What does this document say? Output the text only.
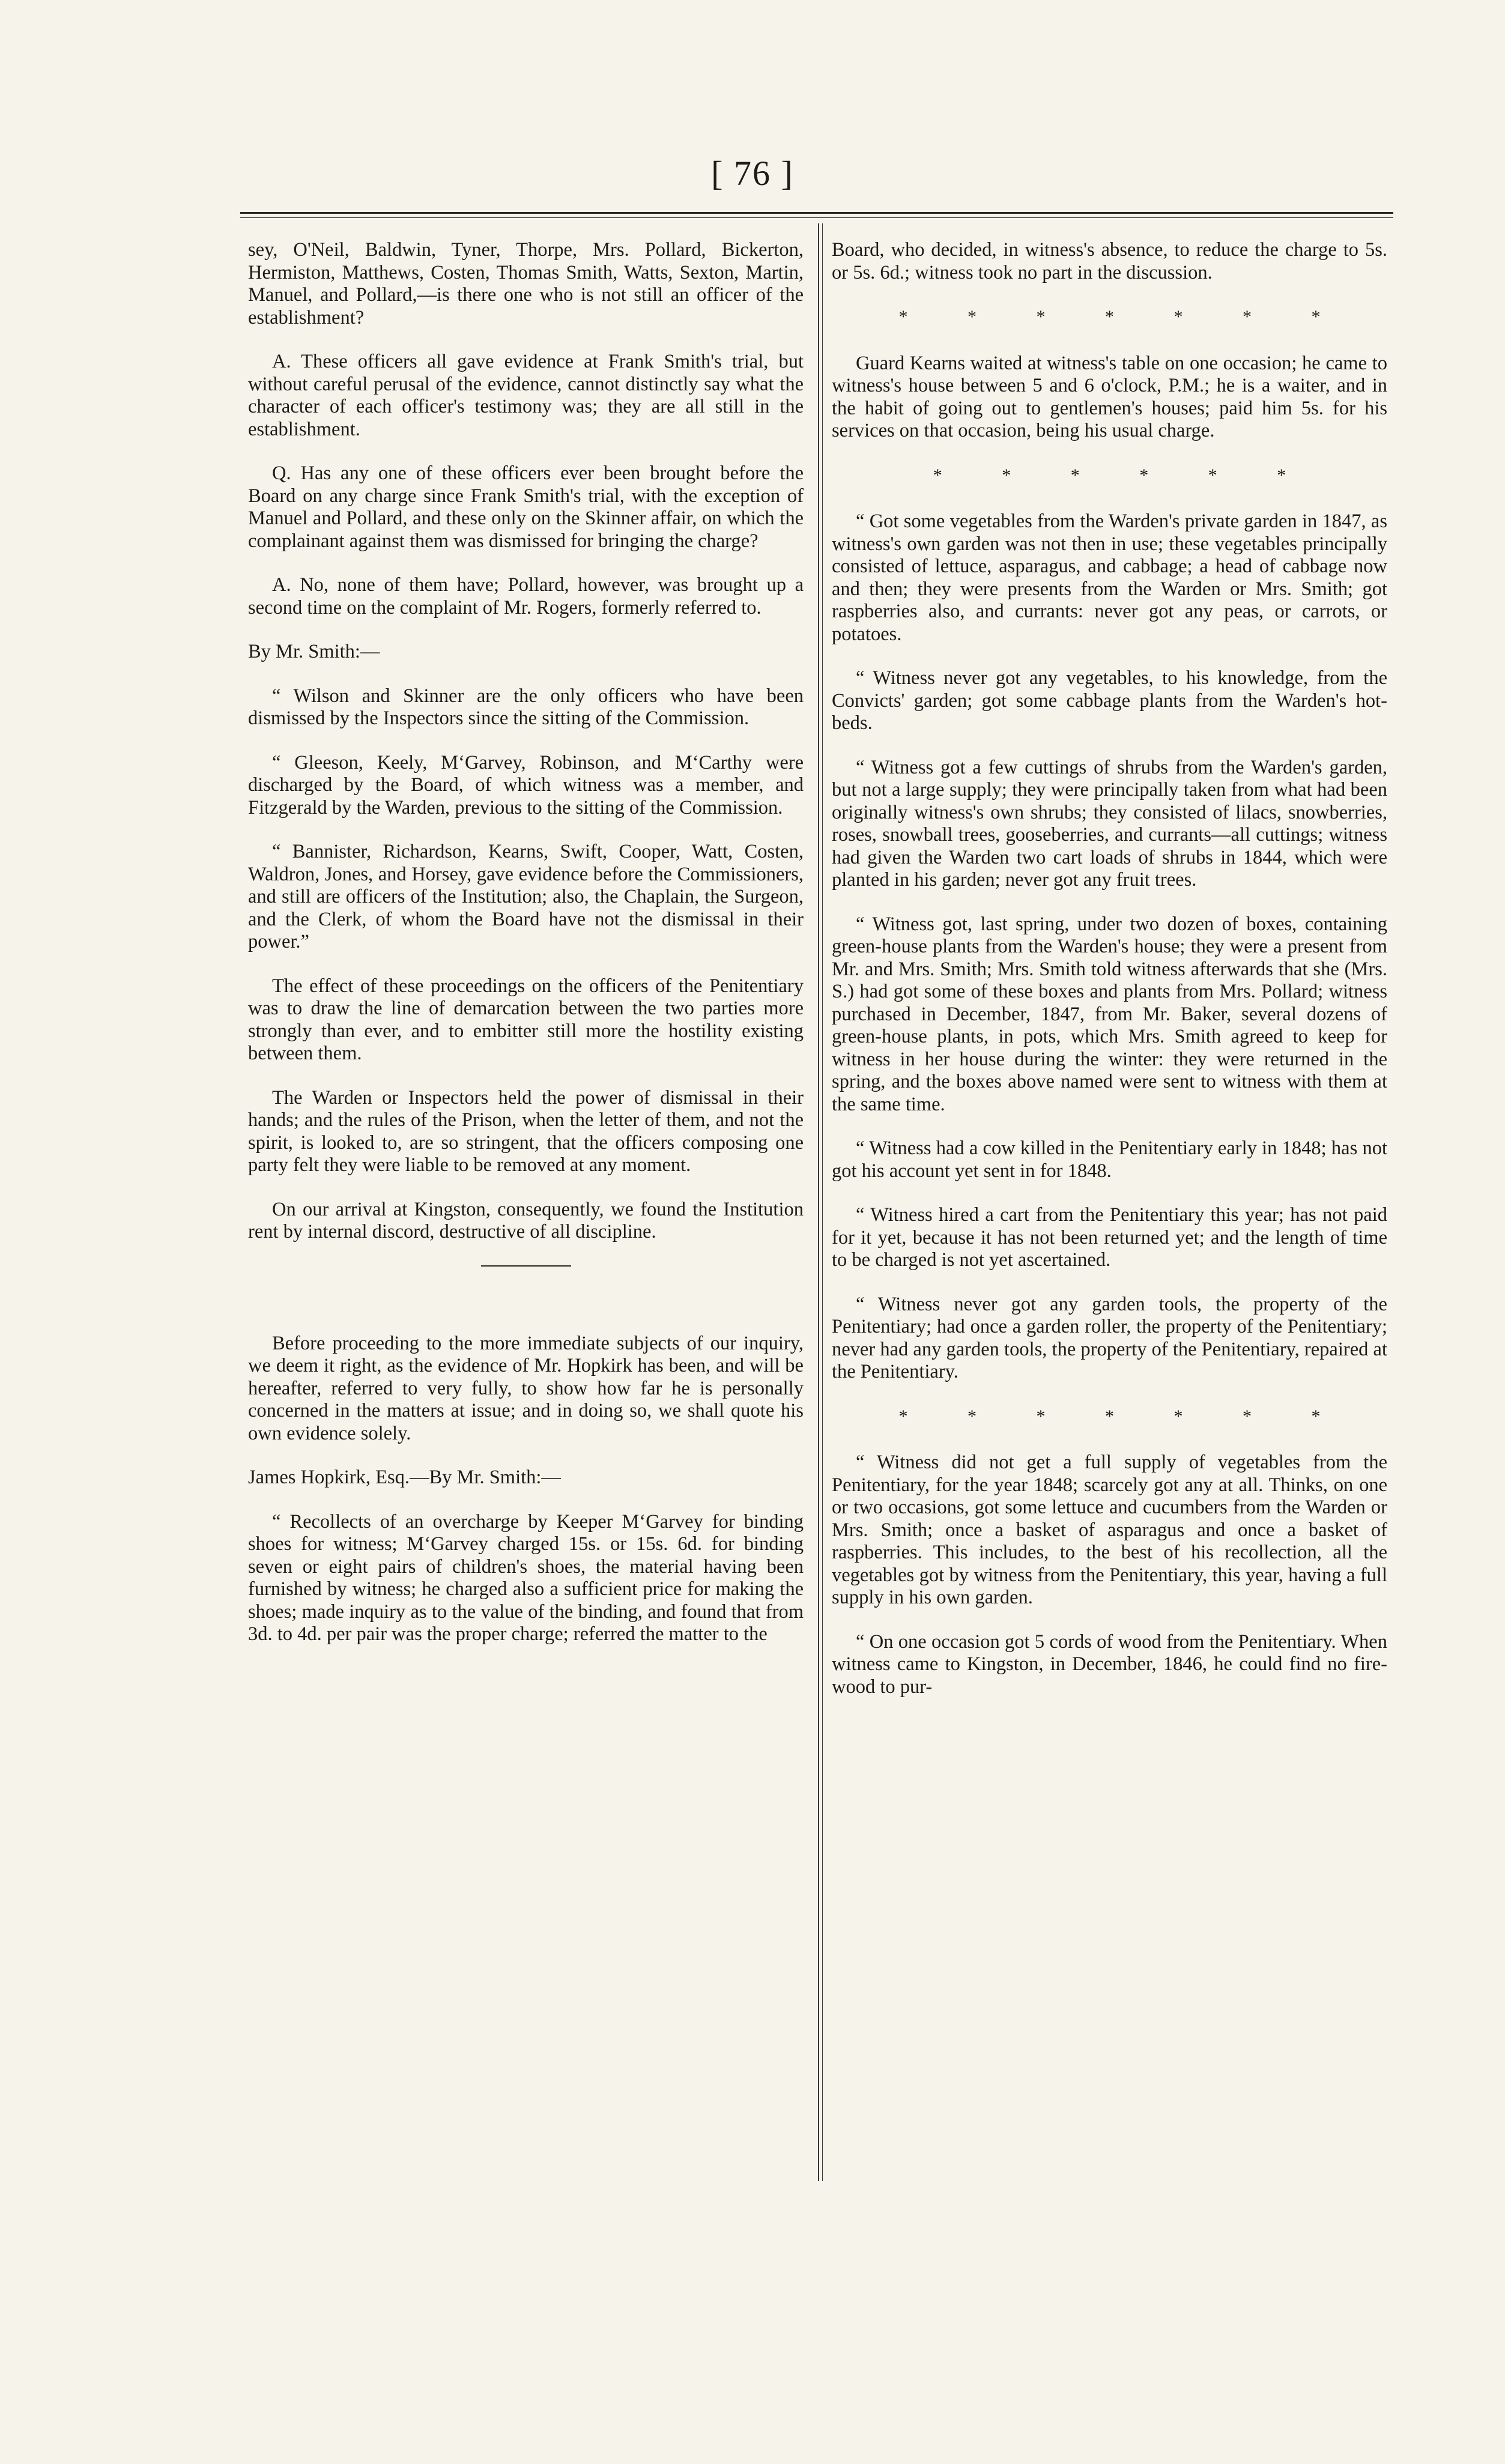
[ 76 ]

sey, O'Neil, Baldwin, Tyner, Thorpe, Mrs. Pollard, Bickerton, Hermiston, Matthews, Costen, Thomas Smith, Watts, Sexton, Martin, Manuel, and Pollard,—is there one who is not still an officer of the establishment?

A. These officers all gave evidence at Frank Smith's trial, but without careful perusal of the evidence, cannot distinctly say what the character of each officer's testimony was; they are all still in the establishment.

Q. Has any one of these officers ever been brought before the Board on any charge since Frank Smith's trial, with the exception of Manuel and Pollard, and these only on the Skinner affair, on which the complainant against them was dismissed for bringing the charge?

A. No, none of them have; Pollard, however, was brought up a second time on the complaint of Mr. Rogers, formerly referred to.

By Mr. Smith:—

“ Wilson and Skinner are the only officers who have been dismissed by the Inspectors since the sitting of the Commission.

“ Gleeson, Keely, M‘Garvey, Robinson, and M‘Carthy were discharged by the Board, of which witness was a member, and Fitzgerald by the Warden, previous to the sitting of the Commission.

“ Bannister, Richardson, Kearns, Swift, Cooper, Watt, Costen, Waldron, Jones, and Horsey, gave evidence before the Commissioners, and still are officers of the Institution; also, the Chaplain, the Surgeon, and the Clerk, of whom the Board have not the dismissal in their power.”

The effect of these proceedings on the officers of the Penitentiary was to draw the line of demarcation between the two parties more strongly than ever, and to embitter still more the hostility existing between them.

The Warden or Inspectors held the power of dismissal in their hands; and the rules of the Prison, when the letter of them, and not the spirit, is looked to, are so stringent, that the officers composing one party felt they were liable to be removed at any moment.

On our arrival at Kingston, consequently, we found the Institution rent by internal discord, destructive of all discipline.

Before proceeding to the more immediate subjects of our inquiry, we deem it right, as the evidence of Mr. Hopkirk has been, and will be hereafter, referred to very fully, to show how far he is personally concerned in the matters at issue; and in doing so, we shall quote his own evidence solely.

James Hopkirk, Esq.—By Mr. Smith:—

“ Recollects of an overcharge by Keeper M‘Garvey for binding shoes for witness; M‘Garvey charged 15s. or 15s. 6d. for binding seven or eight pairs of children's shoes, the material having been furnished by witness; he charged also a sufficient price for making the shoes; made inquiry as to the value of the binding, and found that from 3d. to 4d. per pair was the proper charge; referred the matter to the

Board, who decided, in witness's absence, to reduce the charge to 5s. or 5s. 6d.; witness took no part in the discussion.

* * * * * * *

Guard Kearns waited at witness's table on one occasion; he came to witness's house between 5 and 6 o'clock, P.M.; he is a waiter, and in the habit of going out to gentlemen's houses; paid him 5s. for his services on that occasion, being his usual charge.

* * * * * *

“ Got some vegetables from the Warden's private garden in 1847, as witness's own garden was not then in use; these vegetables principally consisted of lettuce, asparagus, and cabbage; a head of cabbage now and then; they were presents from the Warden or Mrs. Smith; got raspberries also, and currants: never got any peas, or carrots, or potatoes.

“ Witness never got any vegetables, to his knowledge, from the Convicts' garden; got some cabbage plants from the Warden's hot-beds.

“ Witness got a few cuttings of shrubs from the Warden's garden, but not a large supply; they were principally taken from what had been originally witness's own shrubs; they consisted of lilacs, snowberries, roses, snowball trees, gooseberries, and currants—all cuttings; witness had given the Warden two cart loads of shrubs in 1844, which were planted in his garden; never got any fruit trees.

“ Witness got, last spring, under two dozen of boxes, containing green-house plants from the Warden's house; they were a present from Mr. and Mrs. Smith; Mrs. Smith told witness afterwards that she (Mrs. S.) had got some of these boxes and plants from Mrs. Pollard; witness purchased in December, 1847, from Mr. Baker, several dozens of green-house plants, in pots, which Mrs. Smith agreed to keep for witness in her house during the winter: they were returned in the spring, and the boxes above named were sent to witness with them at the same time.

“ Witness had a cow killed in the Penitentiary early in 1848; has not got his account yet sent in for 1848.

“ Witness hired a cart from the Penitentiary this year; has not paid for it yet, because it has not been returned yet; and the length of time to be charged is not yet ascertained.

“ Witness never got any garden tools, the property of the Penitentiary; had once a garden roller, the property of the Penitentiary; never had any garden tools, the property of the Penitentiary, repaired at the Penitentiary.

* * * * * * *

“ Witness did not get a full supply of vegetables from the Penitentiary, for the year 1848; scarcely got any at all. Thinks, on one or two occasions, got some lettuce and cucumbers from the Warden or Mrs. Smith; once a basket of asparagus and once a basket of raspberries. This includes, to the best of his recollection, all the vegetables got by witness from the Penitentiary, this year, having a full supply in his own garden.

“ On one occasion got 5 cords of wood from the Penitentiary. When witness came to Kingston, in December, 1846, he could find no fire-wood to pur-
